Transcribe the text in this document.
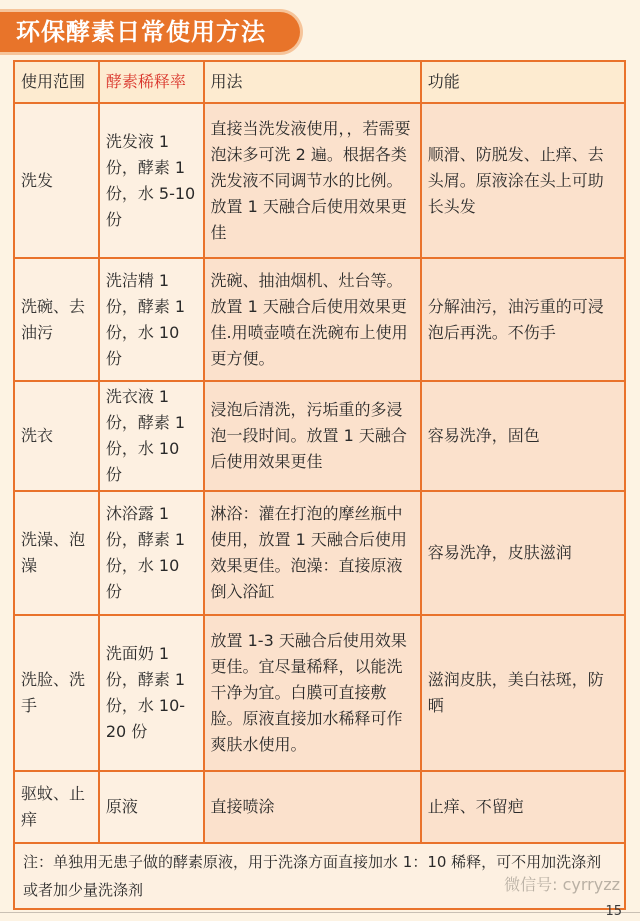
环保酵素日常使用方法
使用范围	酵素稀释率	用法	功能
洗发	洗发液 1 份，酵素 1 份，水 5-10 份	直接当洗发液使用，，若需要泡沫多可洗 2 遍。根据各类洗发液不同调节水的比例。放置 1 天融合后使用效果更佳	顺滑、防脱发、止痒、去头屑。原液涂在头上可助长头发
洗碗、去油污	洗洁精 1 份，酵素 1 份，水 10 份	洗碗、抽油烟机、灶台等。放置 1 天融合后使用效果更佳.用喷壶喷在洗碗布上使用更方便。	分解油污，油污重的可浸泡后再洗。不伤手
洗衣	洗衣液 1 份，酵素 1 份，水 10 份	浸泡后清洗，污垢重的多浸泡一段时间。放置 1 天融合后使用效果更佳	容易洗净，固色
洗澡、泡澡	沐浴露 1 份，酵素 1 份，水 10 份	淋浴：灌在打泡的摩丝瓶中使用，放置 1 天融合后使用效果更佳。泡澡：直接原液倒入浴缸	容易洗净，皮肤滋润
洗脸、洗手	洗面奶 1 份，酵素 1 份，水 10-20 份	放置 1-3 天融合后使用效果更佳。宜尽量稀释，以能洗干净为宜。白膜可直接敷脸。原液直接加水稀释可作爽肤水使用。	滋润皮肤，美白祛斑，防晒
驱蚊、止痒	原液	直接喷涂	止痒、不留疤
注：单独用无患子做的酵素原液，用于洗涤方面直接加水 1：10 稀释，可不用加洗涤剂或者加少量洗涤剂				微信号: cyrryzz
15
